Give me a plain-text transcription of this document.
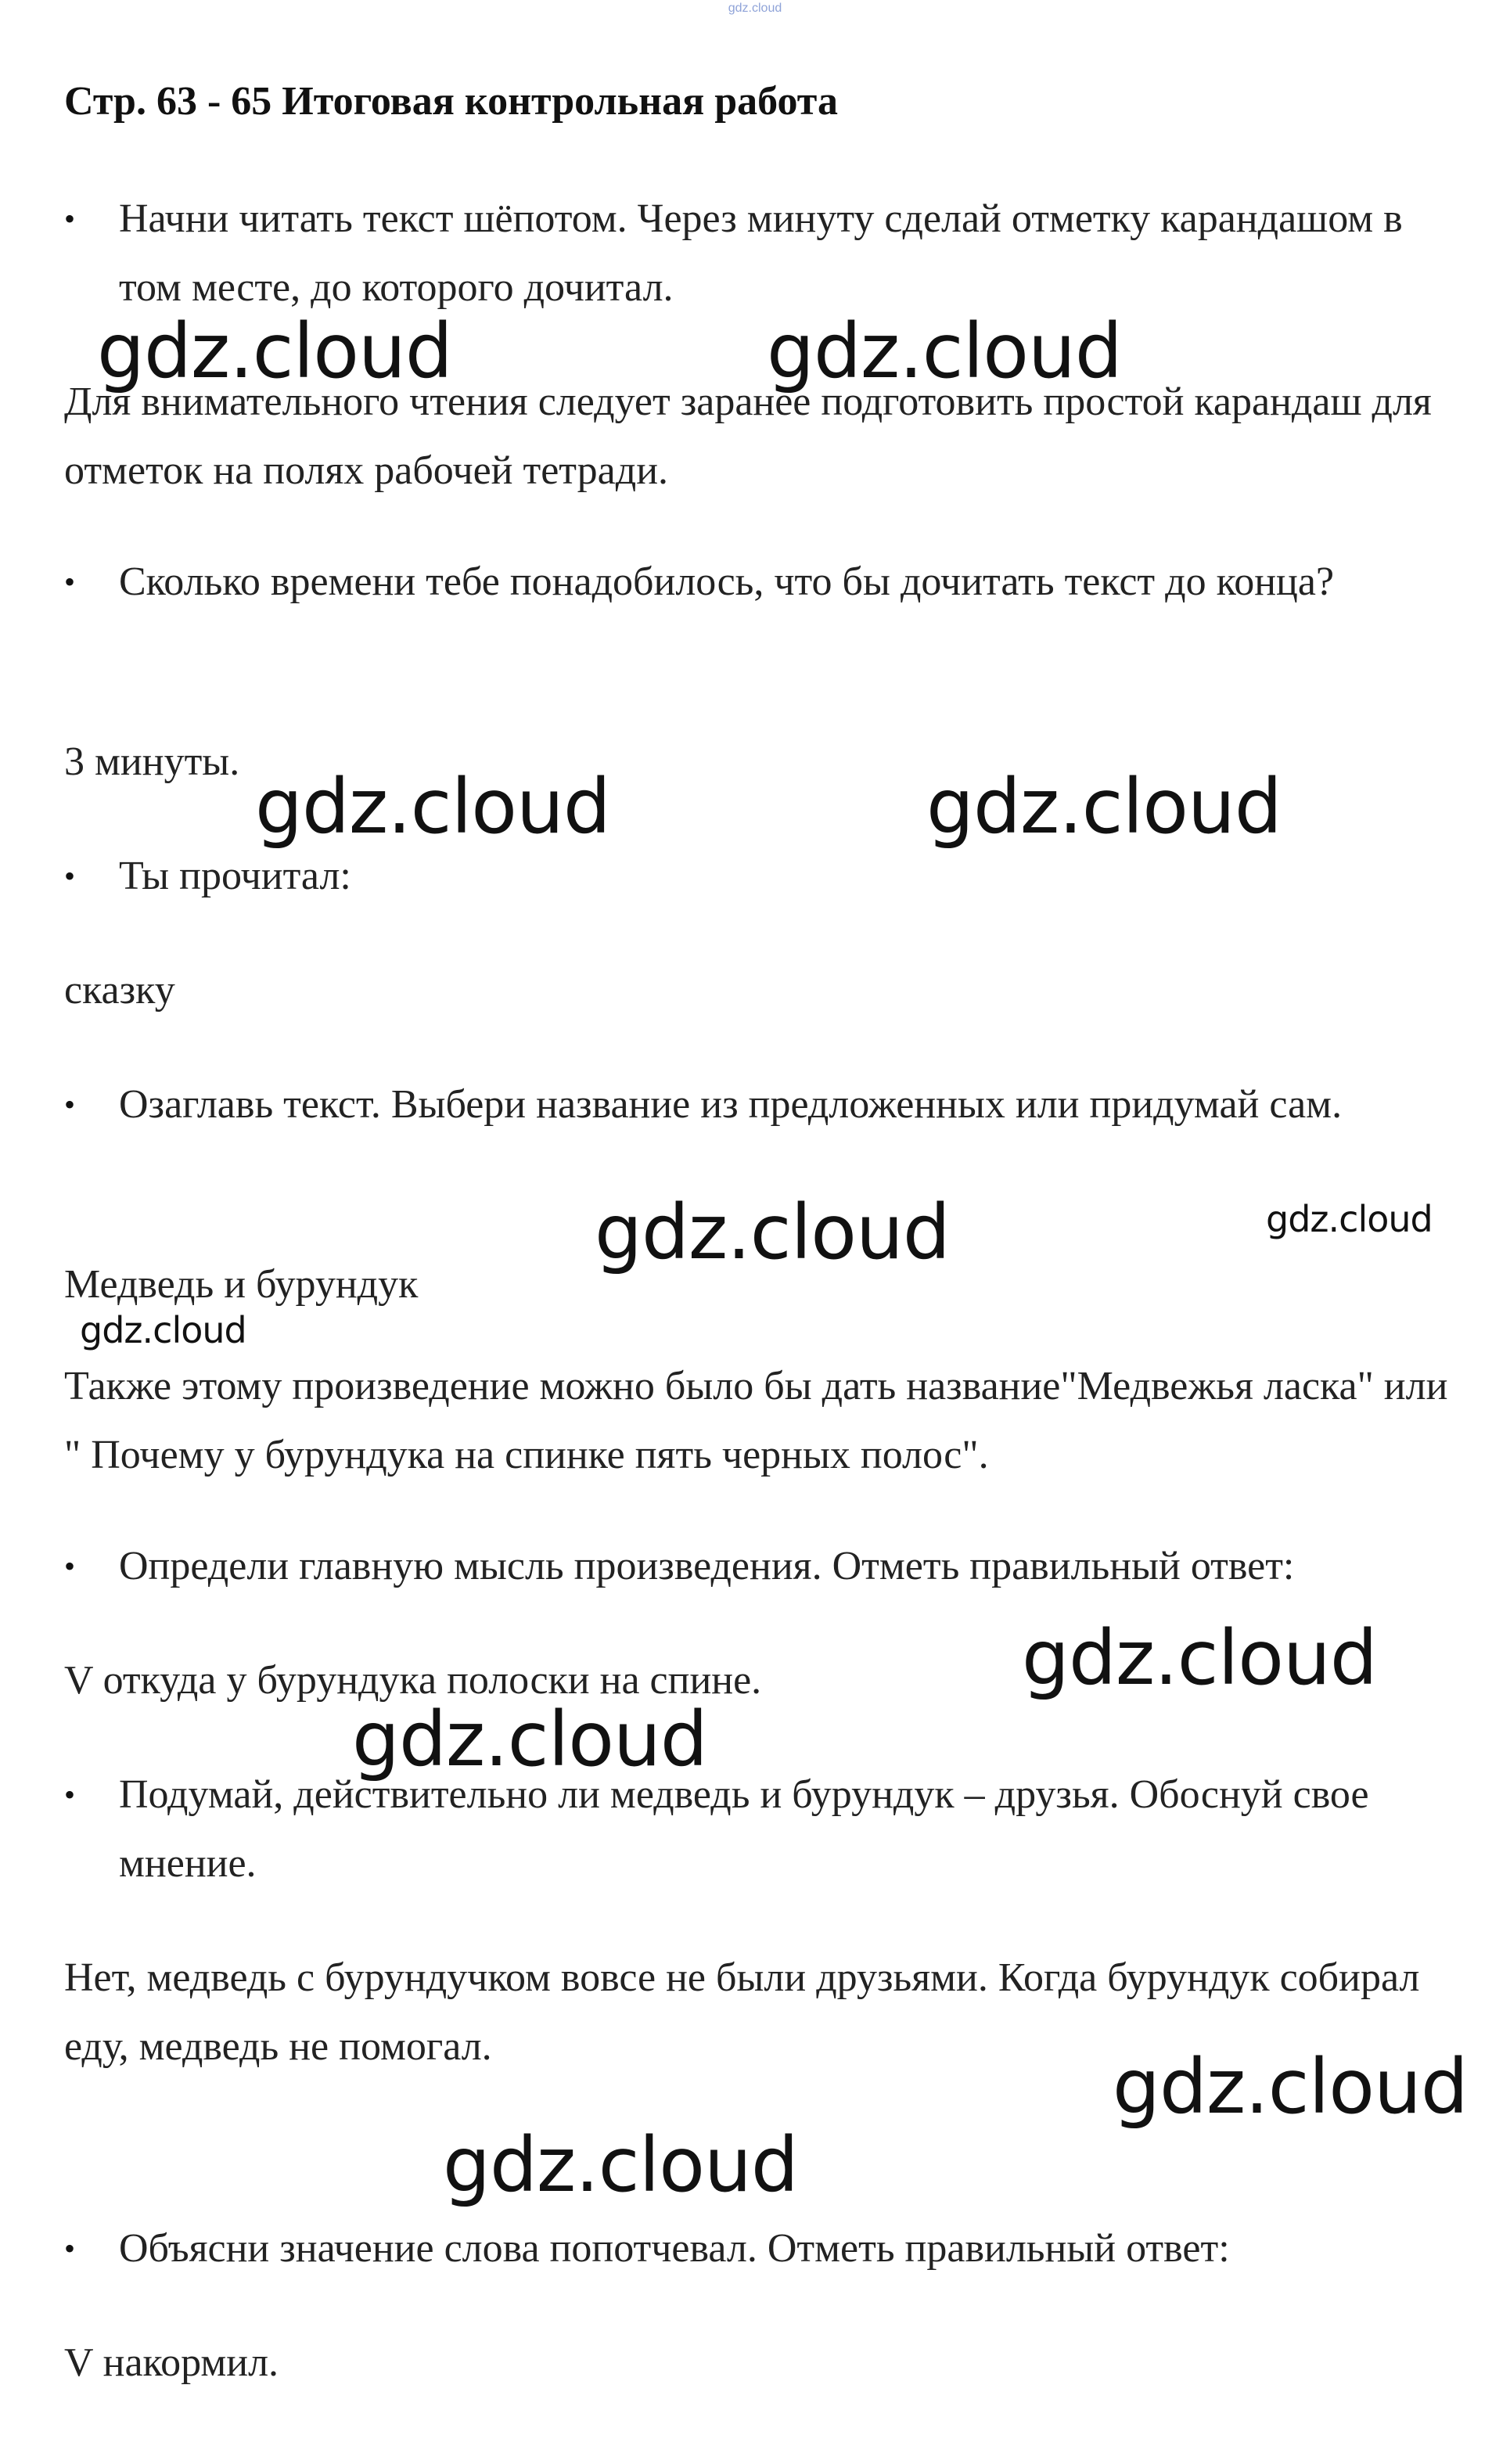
gdz.cloud
Стр. 63 - 65 Итоговая контрольная работа
• Начни читать текст шёпотом. Через минуту сделай отметку карандашом в том месте, до которого дочитал.
Для внимательного чтения следует заранее подготовить простой карандаш для отметок на полях рабочей тетради.
• Сколько времени тебе понадобилось, что бы дочитать текст до конца?
3 минуты.
• Ты прочитал:
сказку
• Озаглавь текст. Выбери название из предложенных или придумай сам.
Медведь и бурундук
Также этому произведение можно было бы дать название"Медвежья ласка" или " Почему у бурундука на спинке пять черных полос".
• Определи главную мысль произведения. Отметь правильный ответ:
V откуда у бурундука полоски на спине.
• Подумай, действительно ли медведь и бурундук – друзья. Обоснуй свое мнение.
Нет, медведь с бурундучком вовсе не были друзьями. Когда бурундук собирал еду, медведь не помогал.
• Объясни значение слова попотчевал. Отметь правильный ответ:
V накормил.
gdz.cloud	gdz.cloud
gdz.cloud	gdz.cloud
gdz.cloud	gdz.cloud
gdz.cloud
gdz.cloud
gdz.cloud
gdz.cloud
gdz.cloud
